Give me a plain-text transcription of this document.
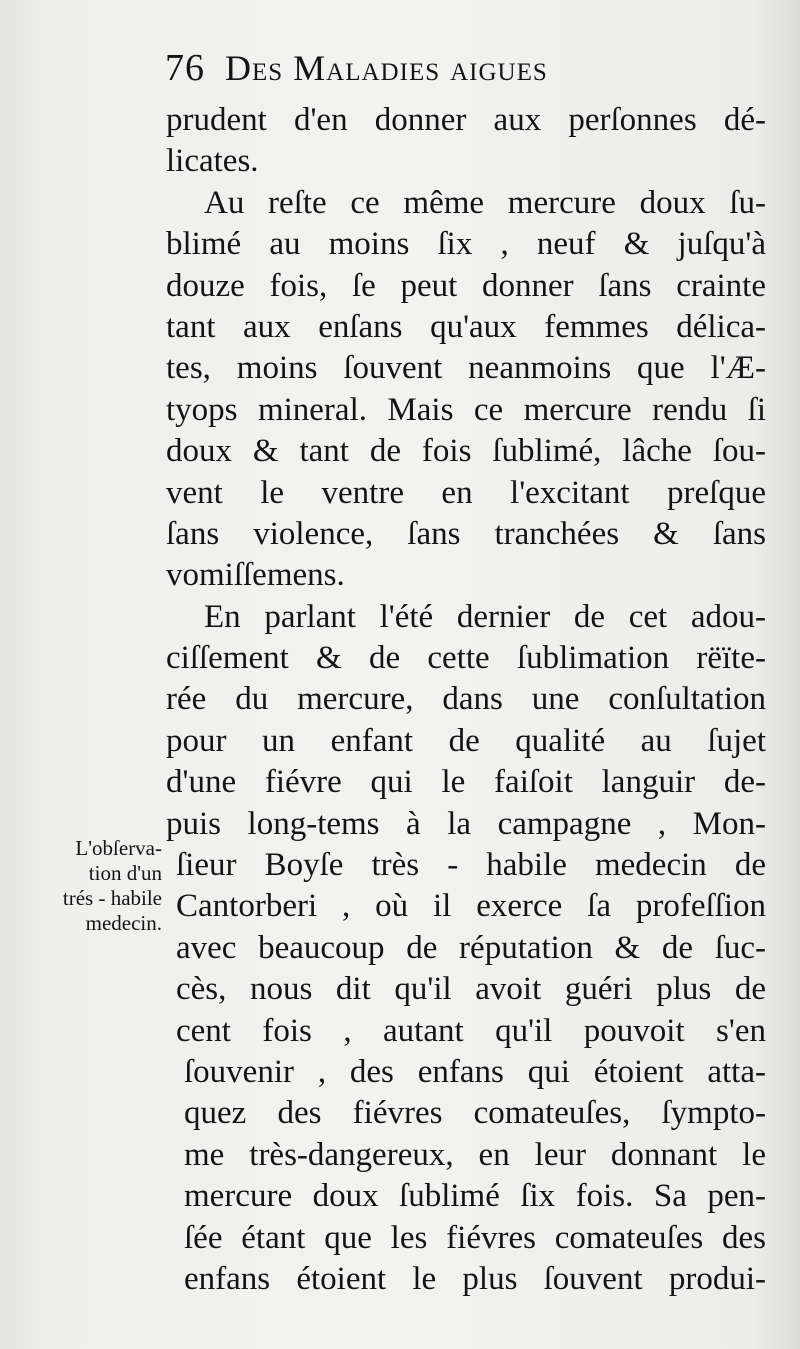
76 Des Maladies aigues
L'obſerva-
tion d'un
trés - habile
medecin.
prudent d'en donner aux perſonnes dé-
licates.
Au reſte ce même mercure doux ſu-
blimé au moins ſix , neuf & juſqu'à
douze fois, ſe peut donner ſans crainte
tant aux enſans qu'aux femmes délica-
tes, moins ſouvent neanmoins que l'Æ-
tyops mineral. Mais ce mercure rendu ſi
doux & tant de fois ſublimé, lâche ſou-
vent le ventre en l'excitant preſque
ſans violence, ſans tranchées & ſans
vomiſſemens.
En parlant l'été dernier de cet adou-
ciſſement & de cette ſublimation rëïte-
rée du mercure, dans une conſultation
pour un enfant de qualité au ſujet
d'une fiévre qui le faiſoit languir de-
puis long-tems à la campagne , Mon-
ſieur Boyſe très - habile medecin de
Cantorberi , où il exerce ſa profeſſion
avec beaucoup de réputation & de ſuc-
cès, nous dit qu'il avoit guéri plus de
cent fois , autant qu'il pouvoit s'en
ſouvenir , des enfans qui étoient atta-
quez des fiévres comateuſes, ſympto-
me très-dangereux, en leur donnant le
mercure doux ſublimé ſix fois. Sa pen-
ſée étant que les fiévres comateuſes des
enfans étoient le plus ſouvent produi-
